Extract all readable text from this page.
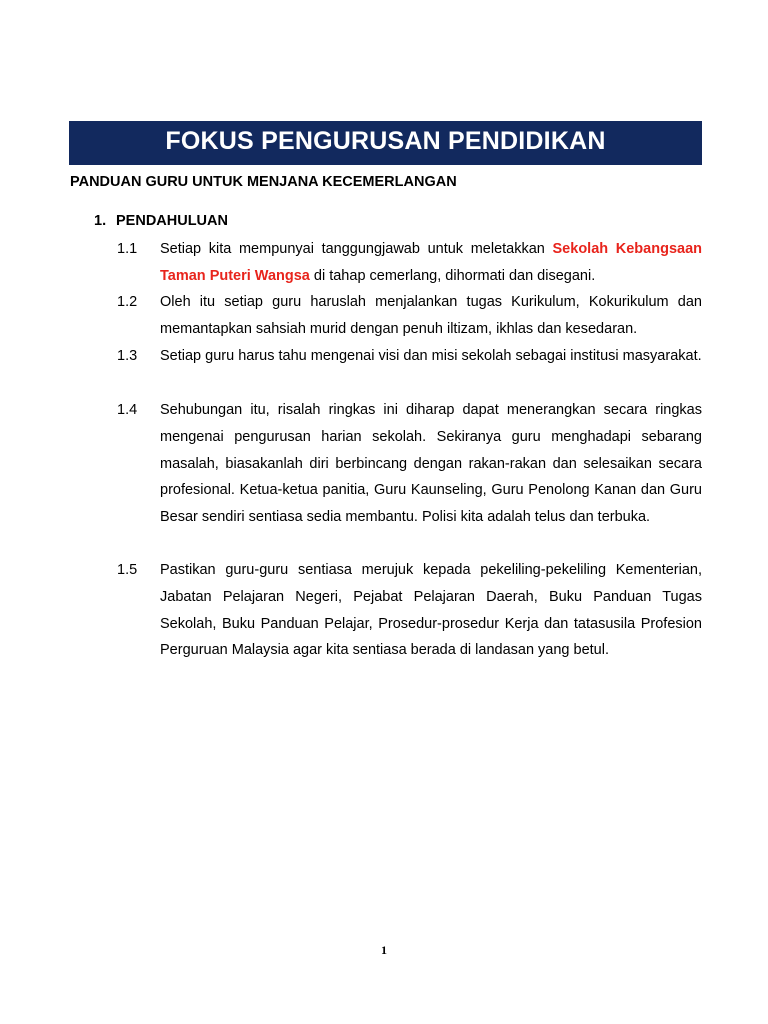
FOKUS PENGURUSAN PENDIDIKAN
PANDUAN GURU UNTUK MENJANA KECEMERLANGAN
1. PENDAHULUAN
1.1 Setiap kita mempunyai tanggungjawab untuk meletakkan Sekolah Kebangsaan Taman Puteri Wangsa di tahap cemerlang, dihormati dan disegani.
1.2 Oleh itu setiap guru haruslah menjalankan tugas Kurikulum, Kokurikulum dan memantapkan sahsiah murid dengan penuh iltizam, ikhlas dan kesedaran.
1.3 Setiap guru harus tahu mengenai visi dan misi sekolah sebagai institusi masyarakat.
1.4 Sehubungan itu, risalah ringkas ini diharap dapat menerangkan secara ringkas mengenai pengurusan harian sekolah. Sekiranya guru menghadapi sebarang masalah, biasakanlah diri berbincang dengan rakan-rakan dan selesaikan secara profesional. Ketua-ketua panitia, Guru Kaunseling, Guru Penolong Kanan dan Guru Besar sendiri sentiasa sedia membantu. Polisi kita adalah telus dan terbuka.
1.5 Pastikan guru-guru sentiasa merujuk kepada pekeliling-pekeliling Kementerian, Jabatan Pelajaran Negeri, Pejabat Pelajaran Daerah, Buku Panduan Tugas Sekolah, Buku Panduan Pelajar, Prosedur-prosedur Kerja dan tatasusila Profesion Perguruan Malaysia agar kita sentiasa berada di landasan yang betul.
1
